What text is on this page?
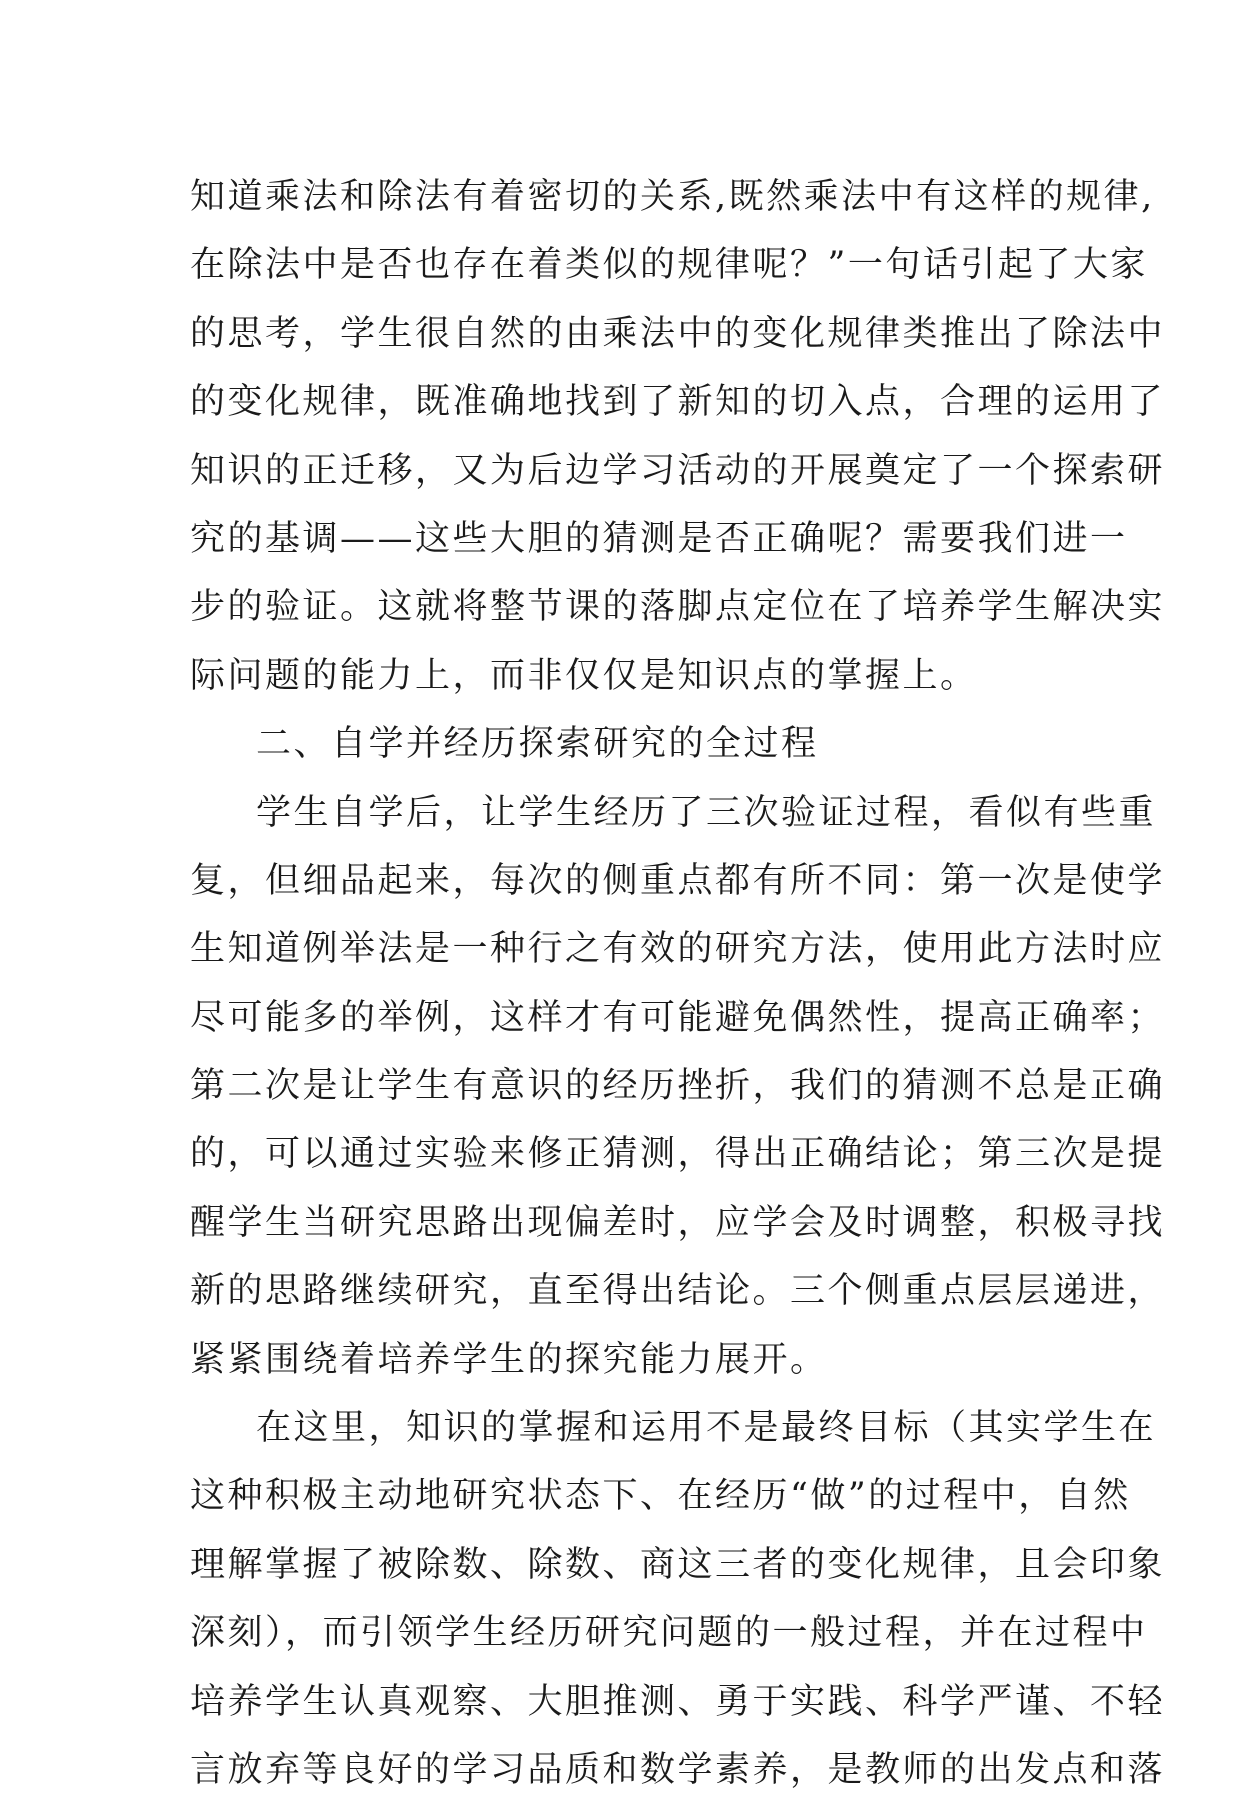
知道乘法和除法有着密切的关系,既然乘法中有这样的规律,
在除法中是否也存在着类似的规律呢？”一句话引起了大家
的思考，学生很自然的由乘法中的变化规律类推出了除法中
的变化规律，既准确地找到了新知的切入点，合理的运用了
知识的正迁移，又为后边学习活动的开展奠定了一个探索研
究的基调——这些大胆的猜测是否正确呢？需要我们进一
步的验证。这就将整节课的落脚点定位在了培养学生解决实
际问题的能力上，而非仅仅是知识点的掌握上。
二、自学并经历探索研究的全过程
学生自学后，让学生经历了三次验证过程，看似有些重
复，但细品起来，每次的侧重点都有所不同：第一次是使学
生知道例举法是一种行之有效的研究方法，使用此方法时应
尽可能多的举例，这样才有可能避免偶然性，提高正确率；
第二次是让学生有意识的经历挫折，我们的猜测不总是正确
的，可以通过实验来修正猜测，得出正确结论；第三次是提
醒学生当研究思路出现偏差时，应学会及时调整，积极寻找
新的思路继续研究，直至得出结论。三个侧重点层层递进，
紧紧围绕着培养学生的探究能力展开。
在这里，知识的掌握和运用不是最终目标（其实学生在
这种积极主动地研究状态下、在经历“做”的过程中，自然
理解掌握了被除数、除数、商这三者的变化规律，且会印象
深刻），而引领学生经历研究问题的一般过程，并在过程中
培养学生认真观察、大胆推测、勇于实践、科学严谨、不轻
言放弃等良好的学习品质和数学素养，是教师的出发点和落
